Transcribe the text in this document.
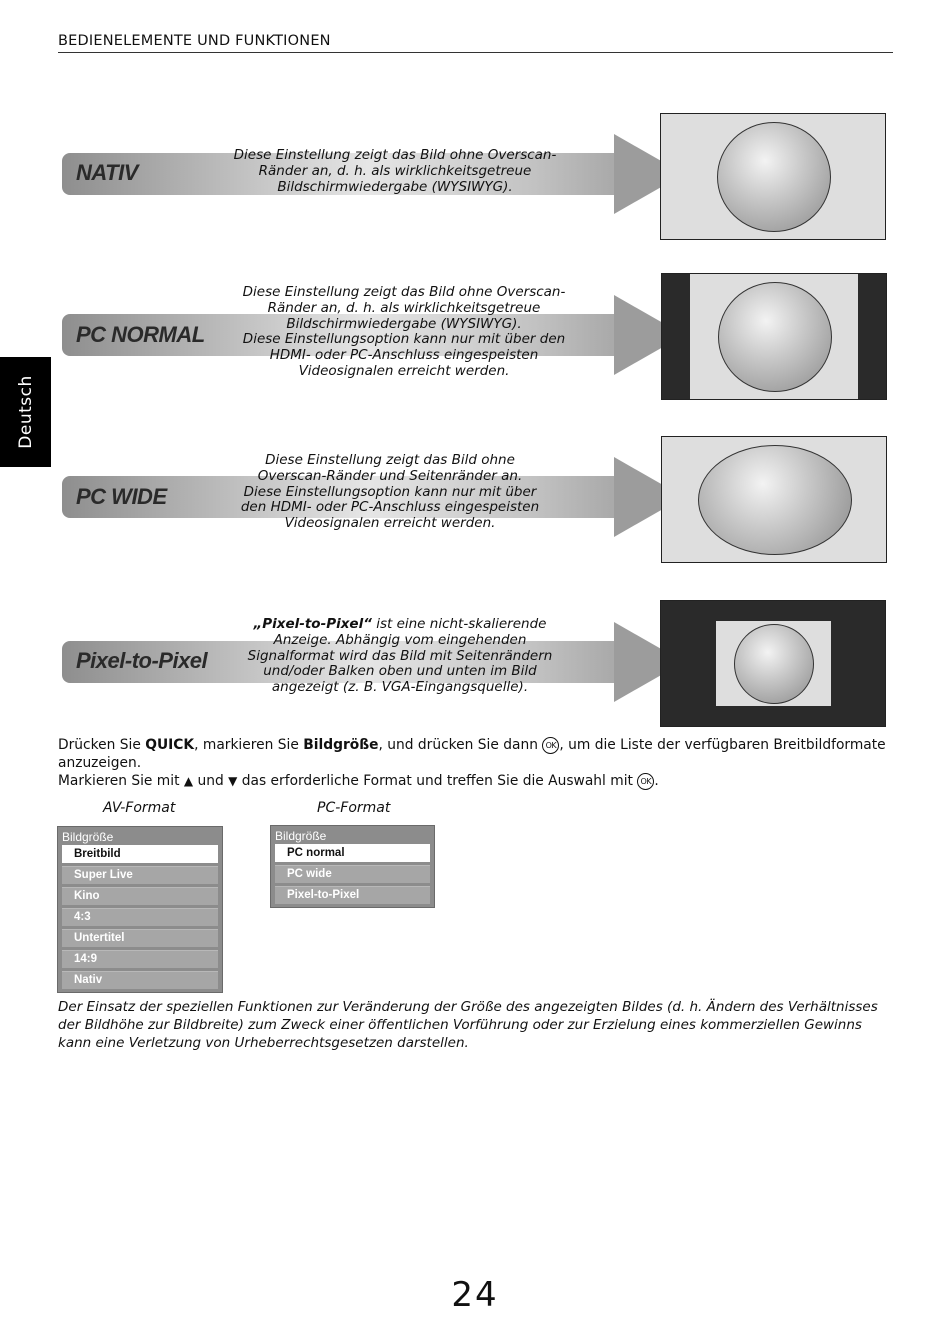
BEDIENELEMENTE UND FUNKTIONEN
Deutsch
NATIV
Diese Einstellung zeigt das Bild ohne Overscan-
Ränder an, d. h. als wirklichkeitsgetreue
Bildschirmwiedergabe (WYSIWYG).
PC NORMAL
Diese Einstellung zeigt das Bild ohne Overscan-
Ränder an, d. h. als wirklichkeitsgetreue
Bildschirmwiedergabe (WYSIWYG).
Diese Einstellungsoption kann nur mit über den
HDMI- oder PC-Anschluss eingespeisten
Videosignalen erreicht werden.
PC WIDE
Diese Einstellung zeigt das Bild ohne
Overscan-Ränder und Seitenränder an.
Diese Einstellungsoption kann nur mit über
den HDMI- oder PC-Anschluss eingespeisten
Videosignalen erreicht werden.
Pixel-to-Pixel
„Pixel-to-Pixel“ ist eine nicht-skalierende
Anzeige. Abhängig vom eingehenden
Signalformat wird das Bild mit Seitenrändern
und/oder Balken oben und unten im Bild
angezeigt (z. B. VGA-Eingangsquelle).
Drücken Sie QUICK, markieren Sie Bildgröße, und drücken Sie dann OK , um die Liste der verfügbaren Breitbildformate anzuzeigen.
Markieren Sie mit ▲ und ▼ das erforderliche Format und treffen Sie die Auswahl mit OK .
AV-Format	PC-Format
Bildgröße
Breitbild
Super Live
Kino
4:3
Untertitel
14:9
Nativ
Bildgröße
PC normal
PC wide
Pixel-to-Pixel
Der Einsatz der speziellen Funktionen zur Veränderung der Größe des angezeigten Bildes (d. h. Ändern des Verhältnisses der Bildhöhe zur Bildbreite) zum Zweck einer öffentlichen Vorführung oder zur Erzielung eines kommerziellen Gewinns kann eine Verletzung von Urheberrechtsgesetzen darstellen.
24
